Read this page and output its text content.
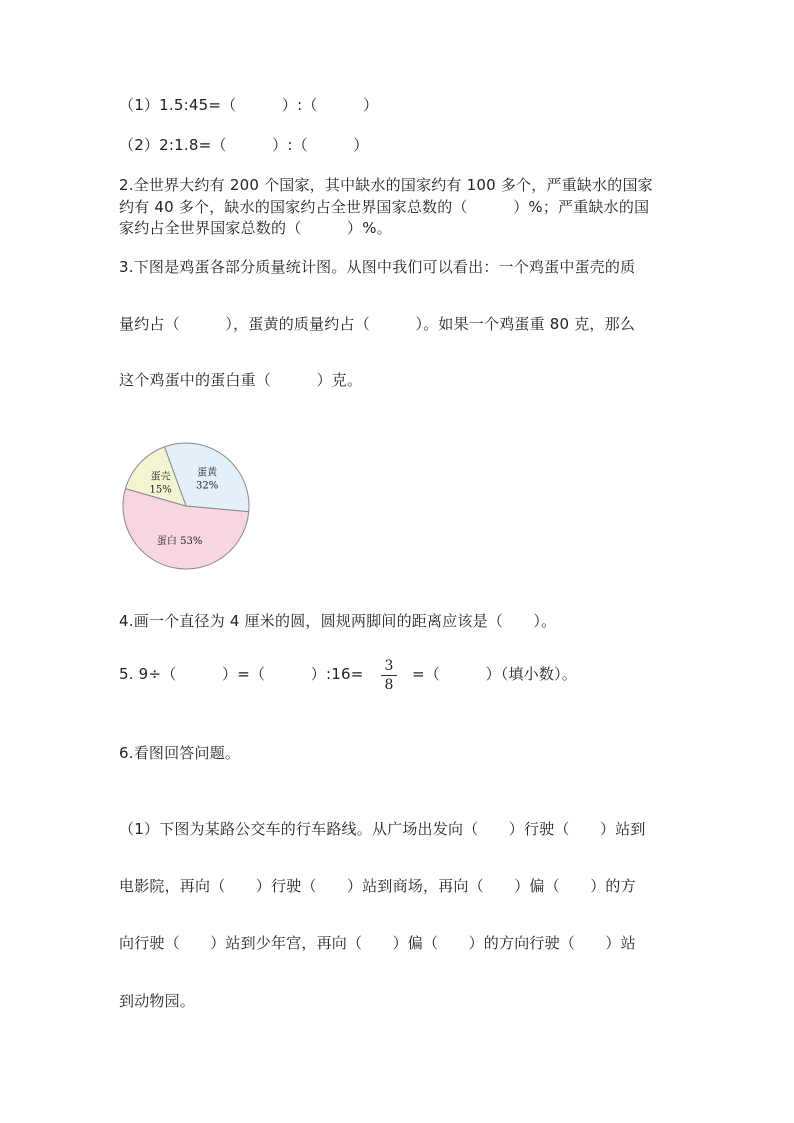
（1）1.5:45=（　　　）:（　　　）
（2）2:1.8=（　　　）:（　　　）
2.全世界大约有 200 个国家，其中缺水的国家约有 100 多个，严重缺水的国家
约有 40 多个，缺水的国家约占全世界国家总数的（　　　）%；严重缺水的国
家约占全世界国家总数的（　　　）%。
3.下图是鸡蛋各部分质量统计图。从图中我们可以看出：一个鸡蛋中蛋壳的质
量约占（　　　），蛋黄的质量约占（　　　）。如果一个鸡蛋重 80 克，那么
这个鸡蛋中的蛋白重（　　　）克。
蛋壳
15%
蛋黄
32%
蛋白 53%
4.画一个直径为 4 厘米的圆，圆规两脚间的距离应该是（　　）。
5. 9÷（　　　）=（　　　）:16=	3
8
=（　　　）（填小数）。
6.看图回答问题。
（1）下图为某路公交车的行车路线。从广场出发向（　　）行驶（　　）站到
电影院，再向（　　）行驶（　　）站到商场，再向（　　）偏（　　）的方
向行驶（　　）站到少年宫，再向（　　）偏（　　）的方向行驶（　　）站
到动物园。
